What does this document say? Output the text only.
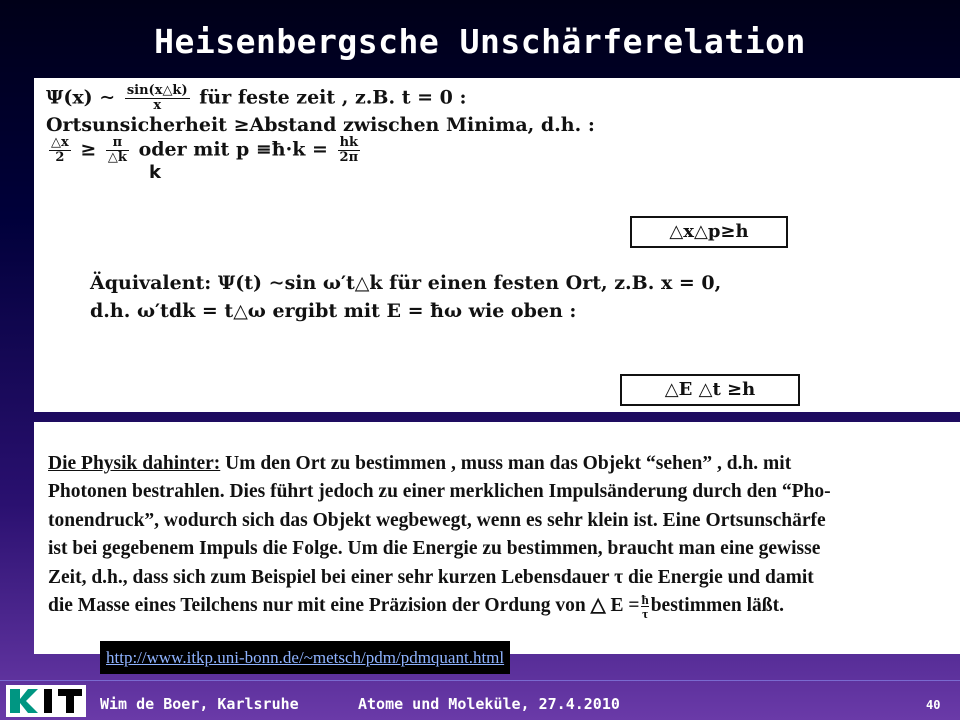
Heisenbergsche Unschärferelation
Ψ(x) ∼ $\frac{\sin(x\triangle k)}{x}$ für feste zeit , z.B. t = 0 :
Ortsunsicherheit ≥Abstand zwischen Minima, d.h. :
$\frac{\triangle x}{2} \ge \frac{\pi}{\triangle k}$ oder mit p ≡ħ·k = $\frac{hk}{2\pi}$
k
△x△p≥h
Äquivalent: Ψ(t) ∼sin ω′t△k für einen festen Ort, z.B. x = 0,
d.h. ω′tdk = t△ω ergibt mit E = ħω wie oben :
△E △t ≥h
Die Physik dahinter: Um den Ort zu bestimmen , muss man das Objekt “sehen” , d.h. mit
Photonen bestrahlen. Dies führt jedoch zu einer merklichen Impulsänderung durch den “Pho-
tonendruck”, wodurch sich das Objekt wegbewegt, wenn es sehr klein ist. Eine Ortsunschärfe
ist bei gegebenem Impuls die Folge. Um die Energie zu bestimmen, braucht man eine gewisse
Zeit, d.h., dass sich zum Beispiel bei einer sehr kurzen Lebensdauer τ die Energie und damit
die Masse eines Teilchens nur mit eine Präzision der Ordung von △ $E = \frac{ħ}{\tau}$ bestimmen läßt.
http://www.itkp.uni-bonn.de/~metsch/pdm/pdmquant.html
Wim de Boer, Karlsruhe	Atome und Moleküle, 27.4.2010	40
